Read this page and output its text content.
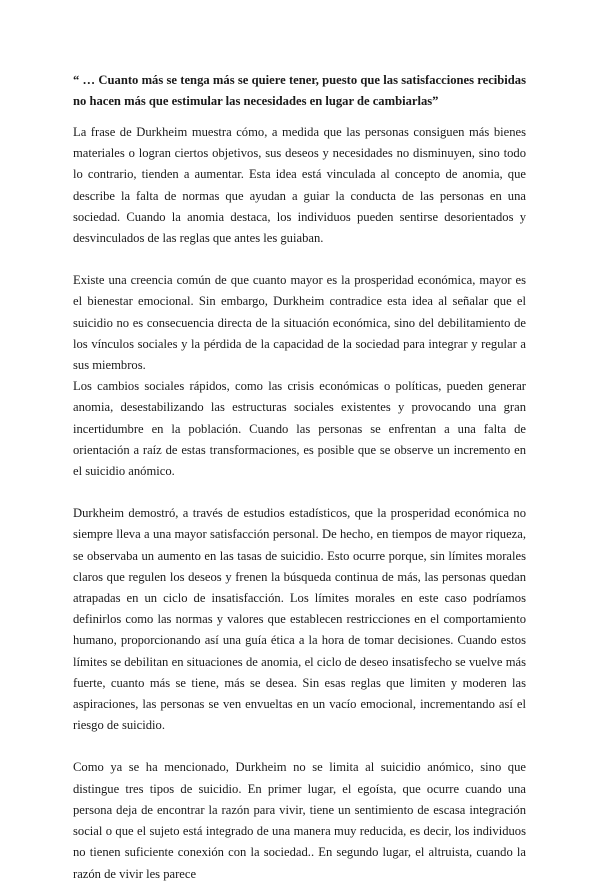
“ … Cuanto más se tenga más se quiere tener, puesto que las satisfacciones recibidas no hacen más que estimular las necesidades en lugar de cambiarlas”

La frase de Durkheim muestra cómo, a medida que las personas consiguen más bienes materiales o logran ciertos objetivos, sus deseos y necesidades no disminuyen, sino todo lo contrario, tienden a aumentar. Esta idea está vinculada al concepto de anomia, que describe la falta de normas que ayudan a guiar la conducta de las personas en una sociedad. Cuando la anomia destaca, los individuos pueden sentirse desorientados y desvinculados de las reglas que antes les guiaban.

Existe una creencia común de que cuanto mayor es la prosperidad económica, mayor es el bienestar emocional. Sin embargo, Durkheim contradice esta idea al señalar que el suicidio no es consecuencia directa de la situación económica, sino del debilitamiento de los vínculos sociales y la pérdida de la capacidad de la sociedad para integrar y regular a sus miembros.

Los cambios sociales rápidos, como las crisis económicas o políticas, pueden generar anomia, desestabilizando las estructuras sociales existentes y provocando una gran incertidumbre en la población. Cuando las personas se enfrentan a una falta de orientación a raíz de estas transformaciones, es posible que se observe un incremento en el suicidio anómico.

Durkheim demostró, a través de estudios estadísticos, que la prosperidad económica no siempre lleva a una mayor satisfacción personal. De hecho, en tiempos de mayor riqueza, se observaba un aumento en las tasas de suicidio. Esto ocurre porque, sin límites morales claros que regulen los deseos y frenen la búsqueda continua de más, las personas quedan atrapadas en un ciclo de insatisfacción. Los límites morales en este caso podríamos definirlos como las normas y valores que establecen restricciones en el comportamiento humano, proporcionando así una guía ética a la hora de tomar decisiones. Cuando estos límites se debilitan en situaciones de anomia, el ciclo de deseo insatisfecho se vuelve más fuerte, cuanto más se tiene, más se desea. Sin esas reglas que limiten y moderen las aspiraciones, las personas se ven envueltas en un vacío emocional, incrementando así el riesgo de suicidio.

Como ya se ha mencionado, Durkheim no se limita al suicidio anómico, sino que distingue tres tipos de suicidio. En primer lugar, el egoísta, que ocurre cuando una persona deja de encontrar la razón para vivir, tiene un sentimiento de escasa integración social o que el sujeto está integrado de una manera muy reducida, es decir, los individuos no tienen suficiente conexión con la sociedad.. En segundo lugar, el altruista, cuando la razón de vivir les parece
